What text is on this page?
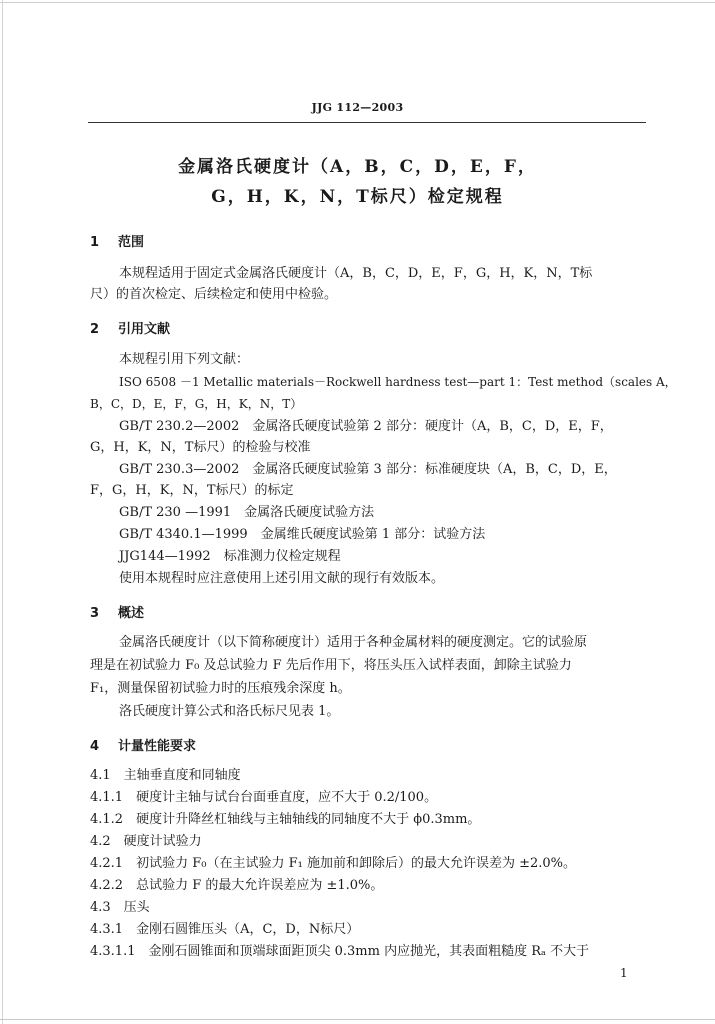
JJG 112—2003
金属洛氏硬度计（A，B，C，D，E，F，
G，H，K，N，T标尺）检定规程
1 范围
本规程适用于固定式金属洛氏硬度计（A，B，C，D，E，F，G，H，K，N，T标
尺）的首次检定、后续检定和使用中检验。
2 引用文献
本规程引用下列文献：
ISO 6508 －1 Metallic materials－Rockwell hardness test—part 1：Test method（scales A，
B，C，D，E，F，G，H，K，N，T）
GB/T 230.2—2002　金属洛氏硬度试验第 2 部分：硬度计（A，B，C，D，E，F，
G，H，K，N，T标尺）的检验与校准
GB/T 230.3—2002　金属洛氏硬度试验第 3 部分：标准硬度块（A，B，C，D，E，
F，G，H，K，N，T标尺）的标定
GB/T 230 —1991　金属洛氏硬度试验方法
GB/T 4340.1—1999　金属维氏硬度试验第 1 部分：试验方法
JJG144—1992　标准测力仪检定规程
使用本规程时应注意使用上述引用文献的现行有效版本。
3 概述
金属洛氏硬度计（以下简称硬度计）适用于各种金属材料的硬度测定。它的试验原
理是在初试验力 F₀ 及总试验力 F 先后作用下，将压头压入试样表面，卸除主试验力
F₁，测量保留初试验力时的压痕残余深度 h。
洛氏硬度计算公式和洛氏标尺见表 1。
4 计量性能要求
4.1　主轴垂直度和同轴度
4.1.1　硬度计主轴与试台台面垂直度，应不大于 0.2/100。
4.1.2　硬度计升降丝杠轴线与主轴轴线的同轴度不大于 ϕ0.3mm。
4.2　硬度计试验力
4.2.1　初试验力 F₀（在主试验力 F₁ 施加前和卸除后）的最大允许误差为 ±2.0%。
4.2.2　总试验力 F 的最大允许误差应为 ±1.0%。
4.3　压头
4.3.1　金刚石圆锥压头（A，C，D，N标尺）
4.3.1.1　金刚石圆锥面和顶端球面距顶尖 0.3mm 内应抛光，其表面粗糙度 Rₐ 不大于
1
